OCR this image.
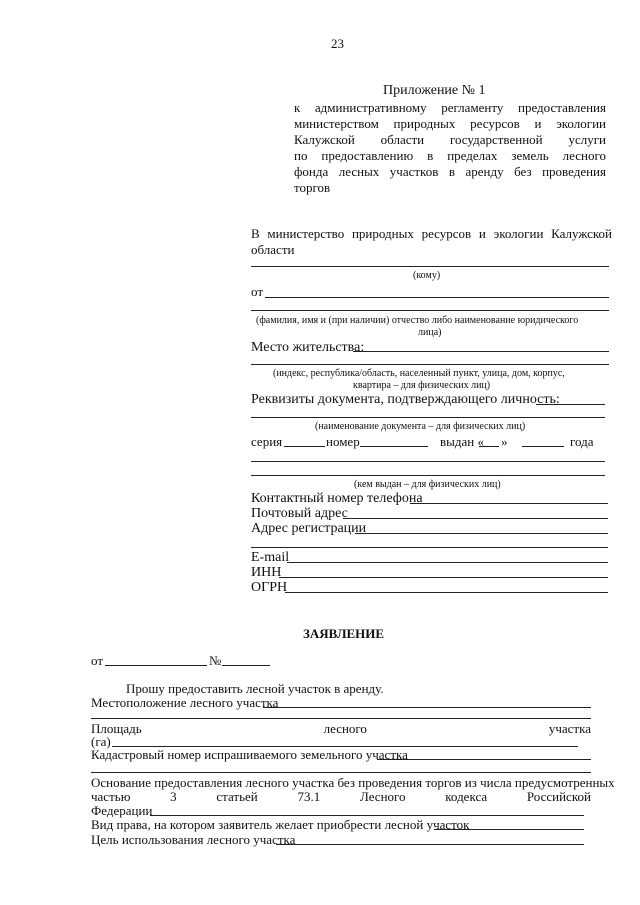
23
Приложение № 1
к административному регламенту предоставления
министерством природных ресурсов и экологии
Калужской области государственной услуги
по предоставлению в пределах земель лесного
фонда лесных участков в аренду без проведения
торгов
В министерство природных ресурсов и экологии Калужской
области
(кому)
от
(фамилия, имя и (при наличии) отчество либо наименование юридического
лица)
Место жительства:
(индекс, республика/область, населенный пункт, улица, дом, корпус,
квартира – для физических лиц)
Реквизиты документа, подтверждающего личность:
(наименование документа – для физических лиц)
серия	номер	выдан « »	года
(кем выдан – для физических лиц)
Контактный номер телефона
Почтовый адрес
Адрес регистрации
E-mail
ИНН
ОГРН
ЗАЯВЛЕНИЕ
от	№
Прошу предоставить лесной участок в аренду.
Местоположение лесного участка
Площадь	лесного	участка
(га)
Кадастровый номер испрашиваемого земельного участка
Основание предоставления лесного участка без проведения торгов из числа предусмотренных
частью	3	статьей	73.1	Лесного	кодекса	Российской
Федерации
Вид права, на котором заявитель желает приобрести лесной участок
Цель использования лесного участка
